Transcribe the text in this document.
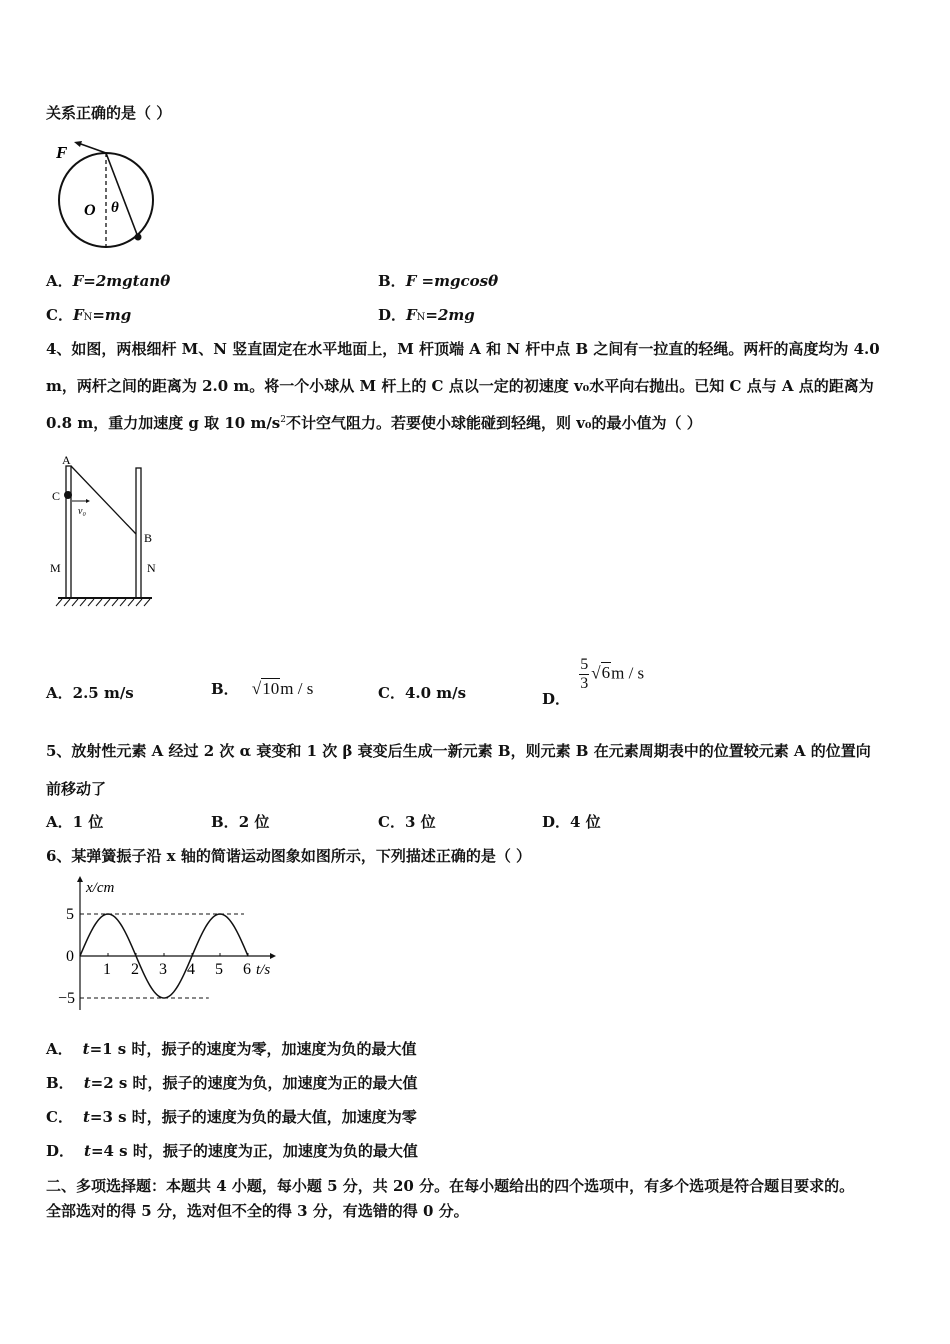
关系正确的是（ ）
F
O θ
A．F=2mgtanθ	B．F =mgcosθ
C．FN=mg	D．FN=2mg
4、如图，两根细杆 M、N 竖直固定在水平地面上，M 杆顶端 A 和 N 杆中点 B 之间有一拉直的轻绳。两杆的高度均为 4.0
m，两杆之间的距离为 2.0 m。将一个小球从 M 杆上的 C 点以一定的初速度 v₀水平向右抛出。已知 C 点与 A 点的距离为
0.8 m，重力加速度 g 取 10 $m/s^2$不计空气阻力。若要使小球能碰到轻绳，则 v₀的最小值为（ ）
A
C
v₀
B
M	N
A．2.5 m/s	B． √10m / s	C．4.0 m/s	D．
$\frac{5}{3} √6m$ / s
5、放射性元素 A 经过 2 次 α 衰变和 1 次 β 衰变后生成一新元素 B，则元素 B 在元素周期表中的位置较元素 A 的位置向
前移动了
A．1 位	B．2 位	C．3 位	D．4 位
6、某弹簧振子沿 x 轴的简谐运动图象如图所示，下列描述正确的是（ ）
1 2 3 4 5 6
5
0
−5
t/s
x/cm
A． t=1 s 时，振子的速度为零，加速度为负的最大值
B． t=2 s 时，振子的速度为负，加速度为正的最大值
C． t=3 s 时，振子的速度为负的最大值，加速度为零
D． t=4 s 时，振子的速度为正，加速度为负的最大值
二、多项选择题：本题共 4 小题，每小题 5 分，共 20 分。在每小题给出的四个选项中，有多个选项是符合题目要求的。
全部选对的得 5 分，选对但不全的得 3 分，有选错的得 0 分。
